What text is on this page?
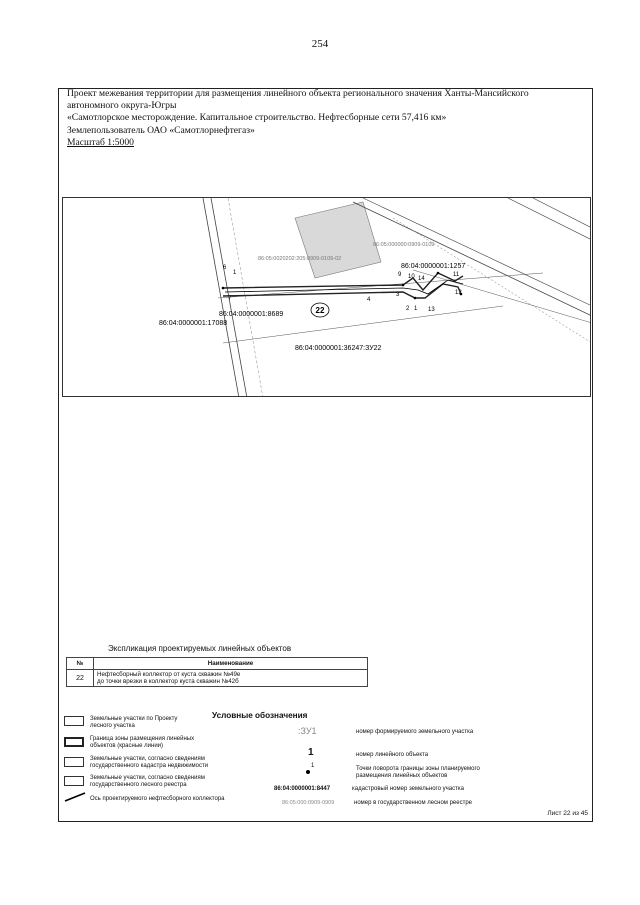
254
Проект межевания территории для размещения линейного объекта регионального значения Ханты-Мансийского
автономного округа-Югры
«Самотлорское месторождение. Капитальное строительство. Нефтесборные сети 57,416 км»
Землепользователь ОАО «Самотлорнефтегаз»
Масштаб 1:5000
6
1
7	4
3
2 1
9 10 14
11
12
13
86:04:0000001:8689
86:04:0000001:17088
86:04:0000001:36247:ЗУ22
86:04:0000001:1257
86:05:0020202:205:0909-0109-02
86:05:000000:0909-0109
22
Экспликация проектируемых линейных объектов
№	Наименование
22	Нефтесборный коллектор от куста скважин №49е
до точки врезки в коллектор куста скважин №42б
Условные обозначения
Земельные участки по Проекту
лесного участка
Граница зоны размещения линейных
объектов (красные линии)
Земельные участки, согласно сведениям
государственного кадастра недвижимости
Земельные участки, согласно сведениям
государственного лесного реестра
Ось проектируемого нефтесборного коллектора
:ЗУ1	номер формируемого земельного участка
1	номер линейного объекта
1	Точки поворота границы зоны планируемого
размещения линейных объектов
86:04:0000001:8447	кадастровый номер земельного участка
86:05:000:0909-0909	номер в государственном лесном реестре
Лист 22 из 45
